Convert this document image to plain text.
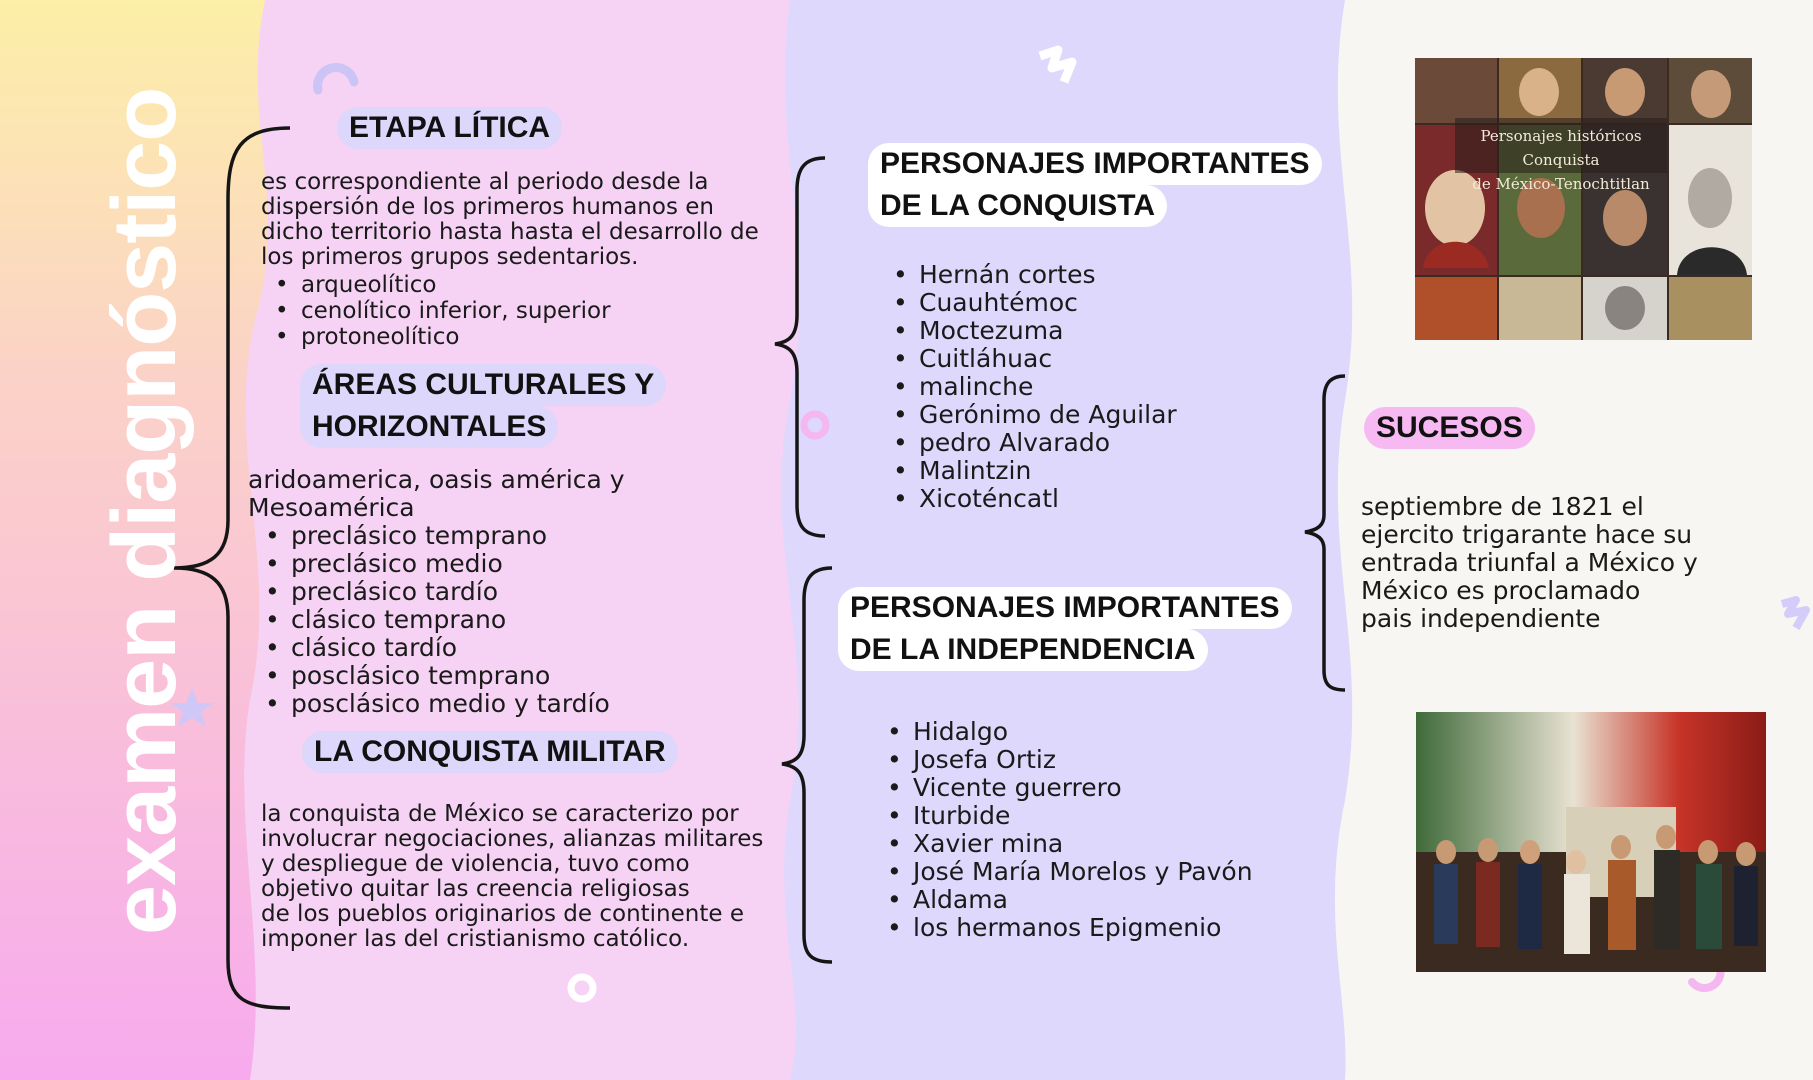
examen diagnóstico	ETAPA LÍTICA
es correspondiente al periodo desde la
dispersión de los primeros humanos en
dicho territorio hasta hasta el desarrollo de
los primeros grupos sedentarios.
• arqueolítico
• cenolítico inferior, superior
• protoneolítico
ÁREAS CULTURALES Y
HORIZONTALES
aridoamerica, oasis américa y
Mesoamérica
• preclásico temprano
• preclásico medio
• preclásico tardío
• clásico temprano
• clásico tardío
• posclásico temprano
• posclásico medio y tardío
LA CONQUISTA MILITAR
la conquista de México se caracterizo por
involucrar negociaciones, alianzas militares
y despliegue de violencia, tuvo como
objetivo quitar las creencia religiosas
de los pueblos originarios de continente e
imponer las del cristianismo católico.
PERSONAJES IMPORTANTES
DE LA CONQUISTA
• Hernán cortes
• Cuauhtémoc
• Moctezuma
• Cuitláhuac
• malinche
• Gerónimo de Aguilar
• pedro Alvarado
• Malintzin
• Xicoténcatl
PERSONAJES IMPORTANTES
DE LA INDEPENDENCIA
• Hidalgo
• Josefa Ortiz
• Vicente guerrero
• Iturbide
• Xavier mina
• José María Morelos y Pavón
• Aldama
• los hermanos Epigmenio
SUCESOS
septiembre de 1821 el
ejercito trigarante hace su
entrada triunfal a México y
México es proclamado
pais independiente
Personajes históricos Conquista
de México-Tenochtitlan
